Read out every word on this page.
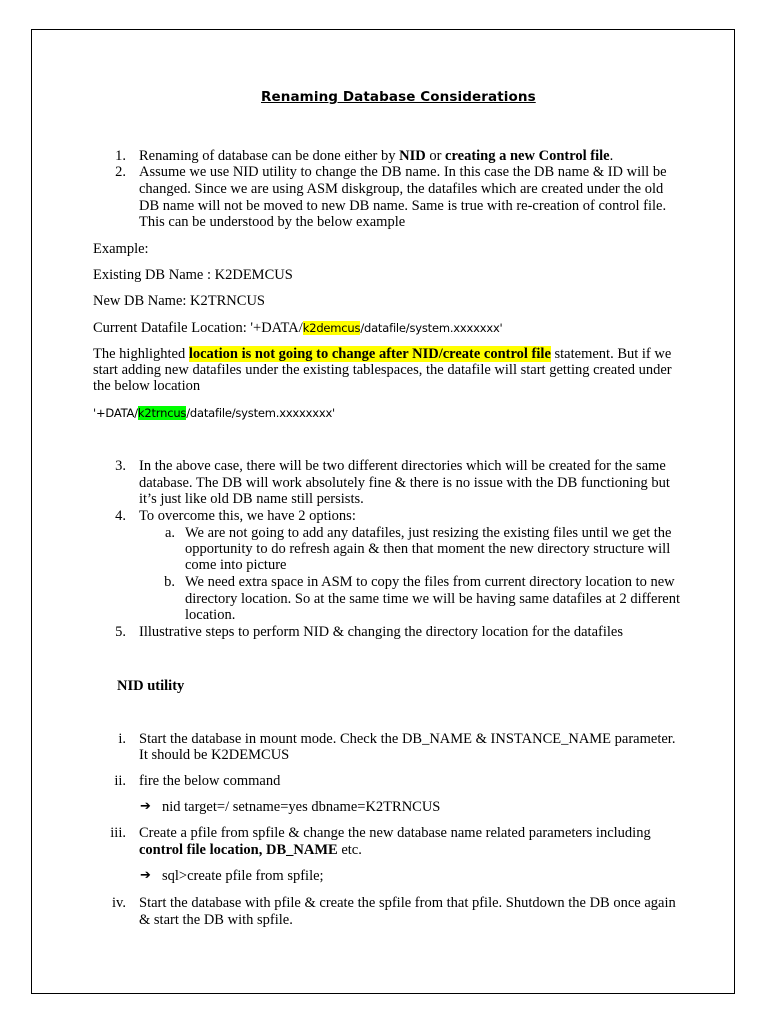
Renaming Database Considerations
1. Renaming of database can be done either by NID or creating a new Control file.
2. Assume we use NID utility to change the DB name. In this case the DB name & ID will be
changed. Since we are using ASM diskgroup, the datafiles which are created under the old
DB name will not be moved to new DB name. Same is true with re-creation of control file.
This can be understood by the below example
Example:
Existing DB Name : K2DEMCUS
New DB Name: K2TRNCUS
Current Datafile Location: '+DATA/k2demcus/datafile/system.xxxxxxx'
The highlighted location is not going to change after NID/create control file statement. But if we
start adding new datafiles under the existing tablespaces, the datafile will start getting created under
the below location
'+DATA/k2trncus/datafile/system.xxxxxxxx'
3. In the above case, there will be two different directories which will be created for the same
database. The DB will work absolutely fine & there is no issue with the DB functioning but
it’s just like old DB name still persists.
4. To overcome this, we have 2 options:
a. We are not going to add any datafiles, just resizing the existing files until we get the
opportunity to do refresh again & then that moment the new directory structure will
come into picture
b. We need extra space in ASM to copy the files from current directory location to new
directory location. So at the same time we will be having same datafiles at 2 different
location.
5. Illustrative steps to perform NID & changing the directory location for the datafiles
NID utility
i. Start the database in mount mode. Check the DB_NAME & INSTANCE_NAME parameter.
It should be K2DEMCUS
ii. fire the below command
➔ nid target=/ setname=yes dbname=K2TRNCUS
iii. Create a pfile from spfile & change the new database name related parameters including
control file location, DB_NAME etc.
➔ sql>create pfile from spfile;
iv. Start the database with pfile & create the spfile from that pfile. Shutdown the DB once again
& start the DB with spfile.
